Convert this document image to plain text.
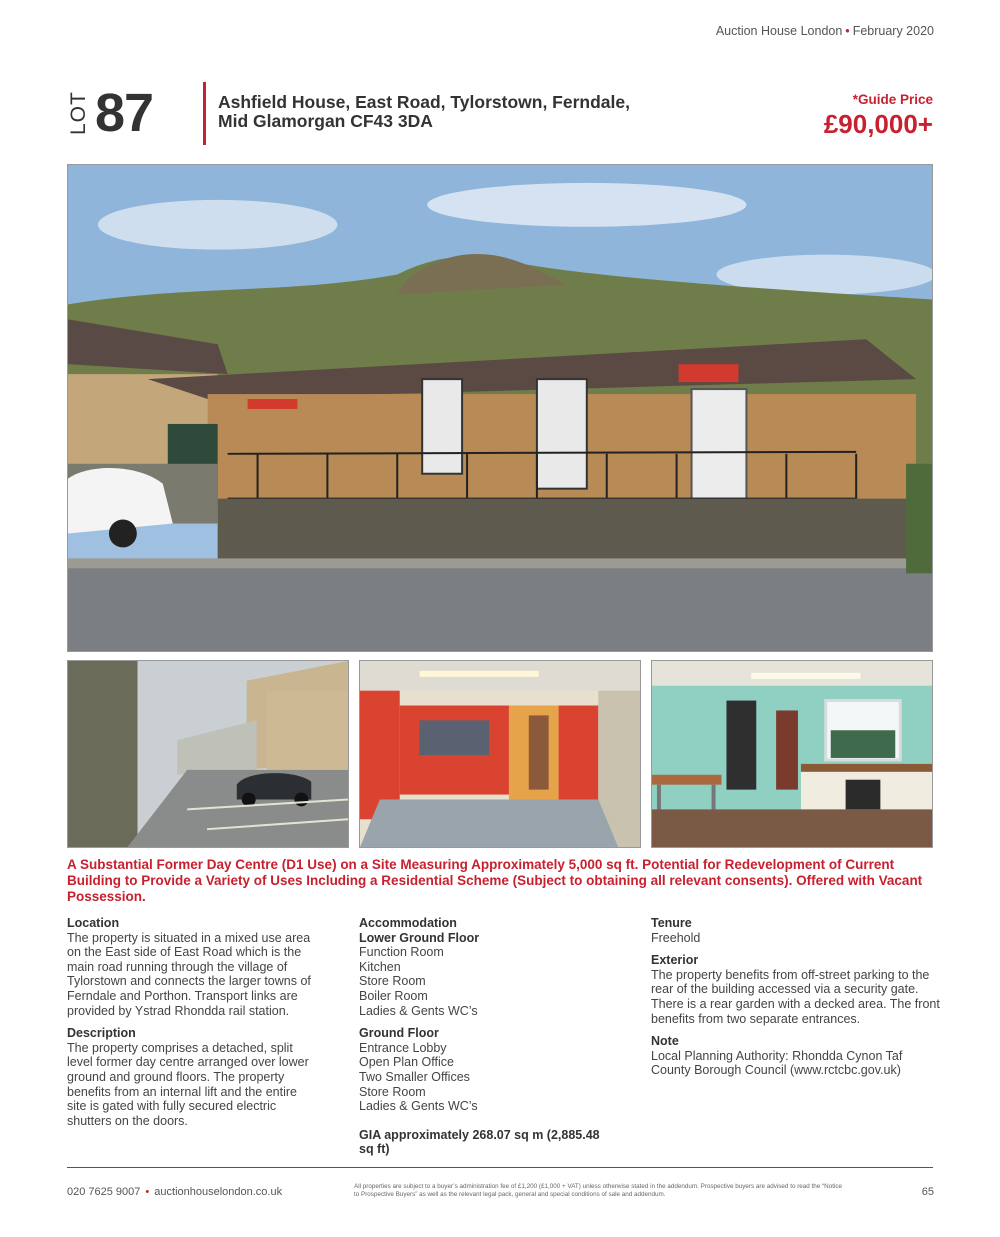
Auction House London • February 2020
LOT 87	Ashfield House, East Road, Tylorstown, Ferndale,
Mid Glamorgan CF43 3DA
*Guide Price
£90,000+
A Substantial Former Day Centre (D1 Use) on a Site Measuring Approximately 5,000 sq ft. Potential for Redevelopment of Current Building to Provide a Variety of Uses Including a Residential Scheme (Subject to obtaining all relevant consents). Offered with Vacant Possession.
Location
The property is situated in a mixed use area on the East side of East Road which is the main road running through the village of Tylorstown and connects the larger towns of Ferndale and Porthon. Transport links are provided by Ystrad Rhondda rail station.
Description
The property comprises a detached, split level former day centre arranged over lower ground and ground floors. The property benefits from an internal lift and the entire site is gated with fully secured electric shutters on the doors.
Accommodation
Lower Ground Floor
Function Room
Kitchen
Store Room
Boiler Room
Ladies & Gents WC’s
Ground Floor
Entrance Lobby
Open Plan Office
Two Smaller Offices
Store Room
Ladies & Gents WC’s
GIA approximately 268.07 sq m (2,885.48 sq ft)
Tenure
Freehold
Exterior
The property benefits from off-street parking to the rear of the building accessed via a security gate. There is a rear garden with a decked area. The front benefits from two separate entrances.
Note
Local Planning Authority: Rhondda Cynon Taf County Borough Council (www.rctcbc.gov.uk)
020 7625 9007 • auctionhouselondon.co.uk	All properties are subject to a buyer’s administration fee of £1,200 (£1,000 + VAT) unless otherwise stated in the addendum. Prospective buyers are advised to read the “Notice to Prospective Buyers” as well as the relevant legal pack, general and special conditions of sale and addendum.	65
